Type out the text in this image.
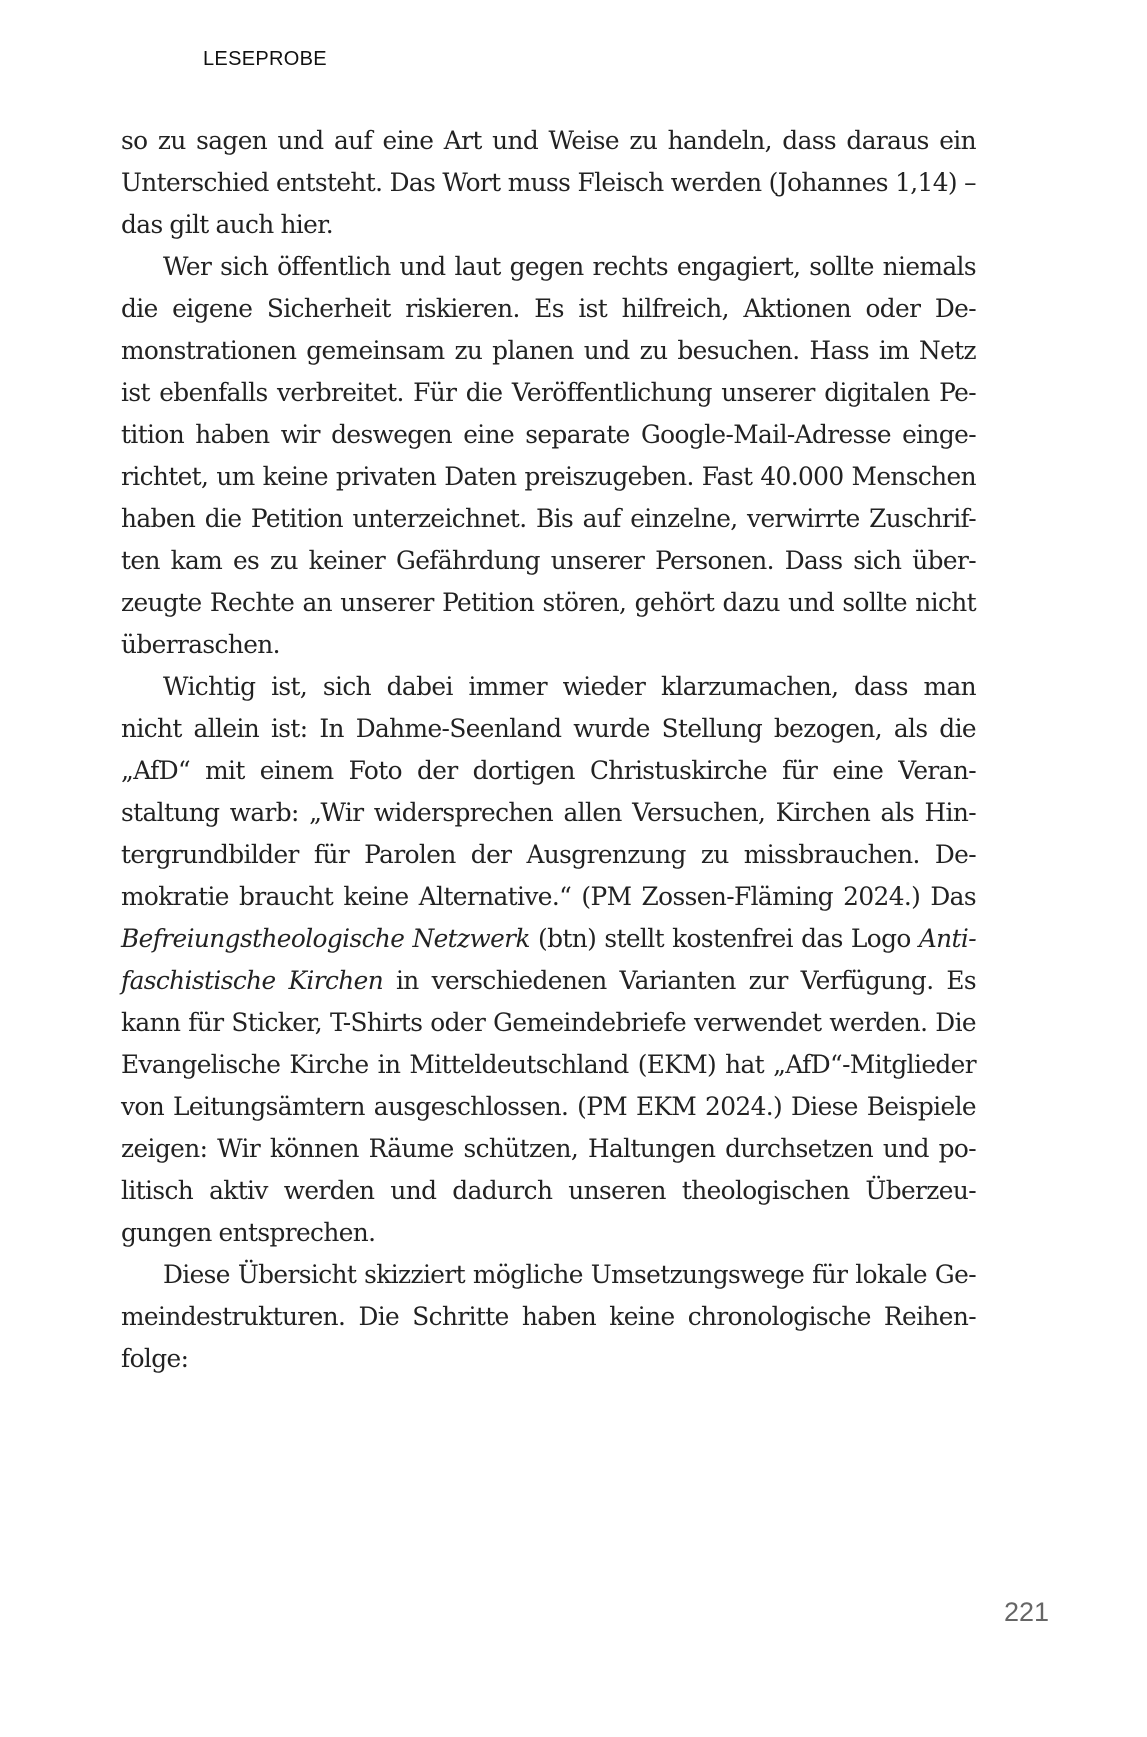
LESEPROBE

so zu sagen und auf eine Art und Weise zu handeln, dass daraus ein
Unterschied entsteht. Das Wort muss Fleisch werden (Johannes 1,14) –
das gilt auch hier.

Wer sich öffentlich und laut gegen rechts engagiert, sollte niemals
die eigene Sicherheit riskieren. Es ist hilfreich, Aktionen oder De-
monstrationen gemeinsam zu planen und zu besuchen. Hass im Netz
ist ebenfalls verbreitet. Für die Veröffentlichung unserer digitalen Pe-
tition haben wir deswegen eine separate Google-Mail-Adresse einge-
richtet, um keine privaten Daten preiszugeben. Fast 40.000 Menschen
haben die Petition unterzeichnet. Bis auf einzelne, verwirrte Zuschrif-
ten kam es zu keiner Gefährdung unserer Personen. Dass sich über-
zeugte Rechte an unserer Petition stören, gehört dazu und sollte nicht
überraschen.

Wichtig ist, sich dabei immer wieder klarzumachen, dass man
nicht allein ist: In Dahme-Seenland wurde Stellung bezogen, als die
„AfD“ mit einem Foto der dortigen Christuskirche für eine Veran-
staltung warb: „Wir widersprechen allen Versuchen, Kirchen als Hin-
tergrundbilder für Parolen der Ausgrenzung zu missbrauchen. De-
mokratie braucht keine Alternative.“ (PM Zossen-Fläming 2024.) Das
Befreiungstheologische Netzwerk (btn) stellt kostenfrei das Logo Anti-
faschistische Kirchen in verschiedenen Varianten zur Verfügung. Es
kann für Sticker, T-Shirts oder Gemeindebriefe verwendet werden. Die
Evangelische Kirche in Mitteldeutschland (EKM) hat „AfD“-Mitglieder
von Leitungsämtern ausgeschlossen. (PM EKM 2024.) Diese Beispiele
zeigen: Wir können Räume schützen, Haltungen durchsetzen und po-
litisch aktiv werden und dadurch unseren theologischen Überzeu-
gungen entsprechen.

Diese Übersicht skizziert mögliche Umsetzungswege für lokale Ge-
meindestrukturen. Die Schritte haben keine chronologische Reihen-
folge:

221
